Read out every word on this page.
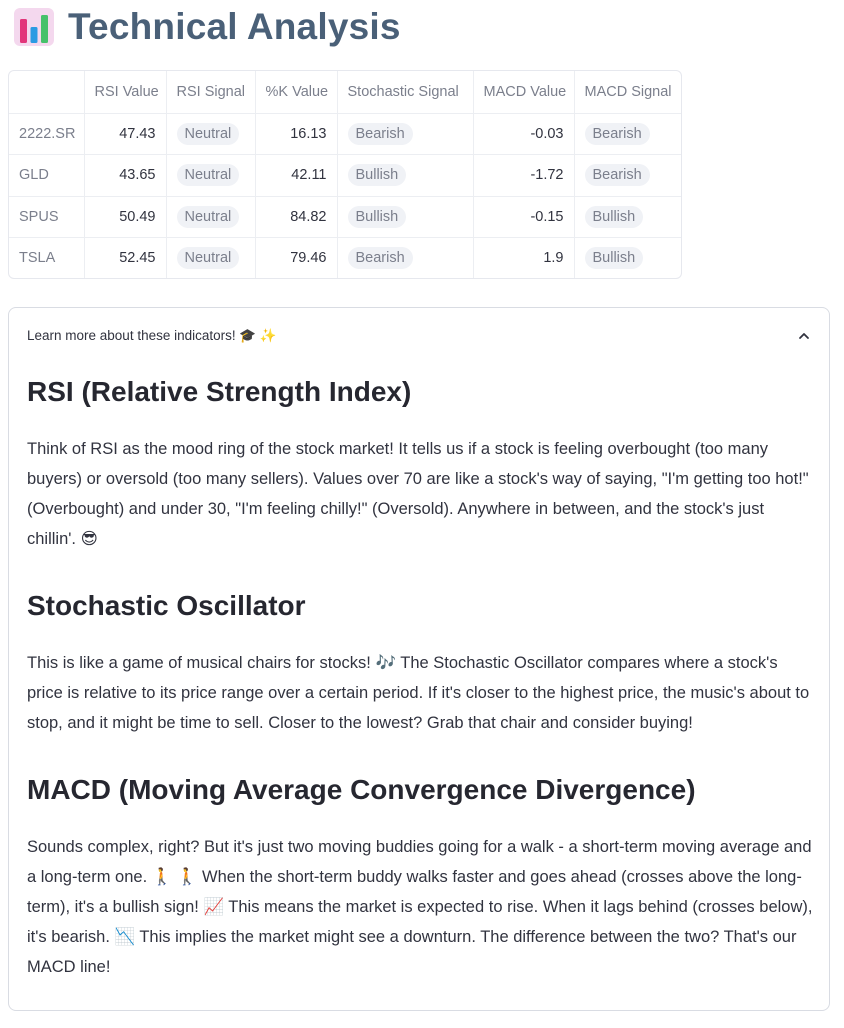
Technical Analysis
	RSI Value	RSI Signal	%K Value	Stochastic Signal	MACD Value	MACD Signal
2222.SR	47.43	Neutral	16.13	Bearish	-0.03	Bearish
GLD	43.65	Neutral	42.11	Bullish	-1.72	Bearish
SPUS	50.49	Neutral	84.82	Bullish	-0.15	Bullish
TSLA	52.45	Neutral	79.46	Bearish	1.9	Bullish
Learn more about these indicators! 🎓 ✨
RSI (Relative Strength Index)

Think of RSI as the mood ring of the stock market! It tells us if a stock is feeling overbought (too many buyers) or oversold (too many sellers). Values over 70 are like a stock's way of saying, "I'm getting too hot!" (Overbought) and under 30, "I'm feeling chilly!" (Oversold). Anywhere in between, and the stock's just chillin'. 😎

Stochastic Oscillator

This is like a game of musical chairs for stocks! 🎶 The Stochastic Oscillator compares where a stock's price is relative to its price range over a certain period. If it's closer to the highest price, the music's about to stop, and it might be time to sell. Closer to the lowest? Grab that chair and consider buying!

MACD (Moving Average Convergence Divergence)

Sounds complex, right? But it's just two moving buddies going for a walk - a short-term moving average and a long-term one. 🚶 🚶 When the short-term buddy walks faster and goes ahead (crosses above the long-term), it's a bullish sign! 📈 This means the market is expected to rise. When it lags behind (crosses below), it's bearish. 📉 This implies the market might see a downturn. The difference between the two? That's our MACD line!
